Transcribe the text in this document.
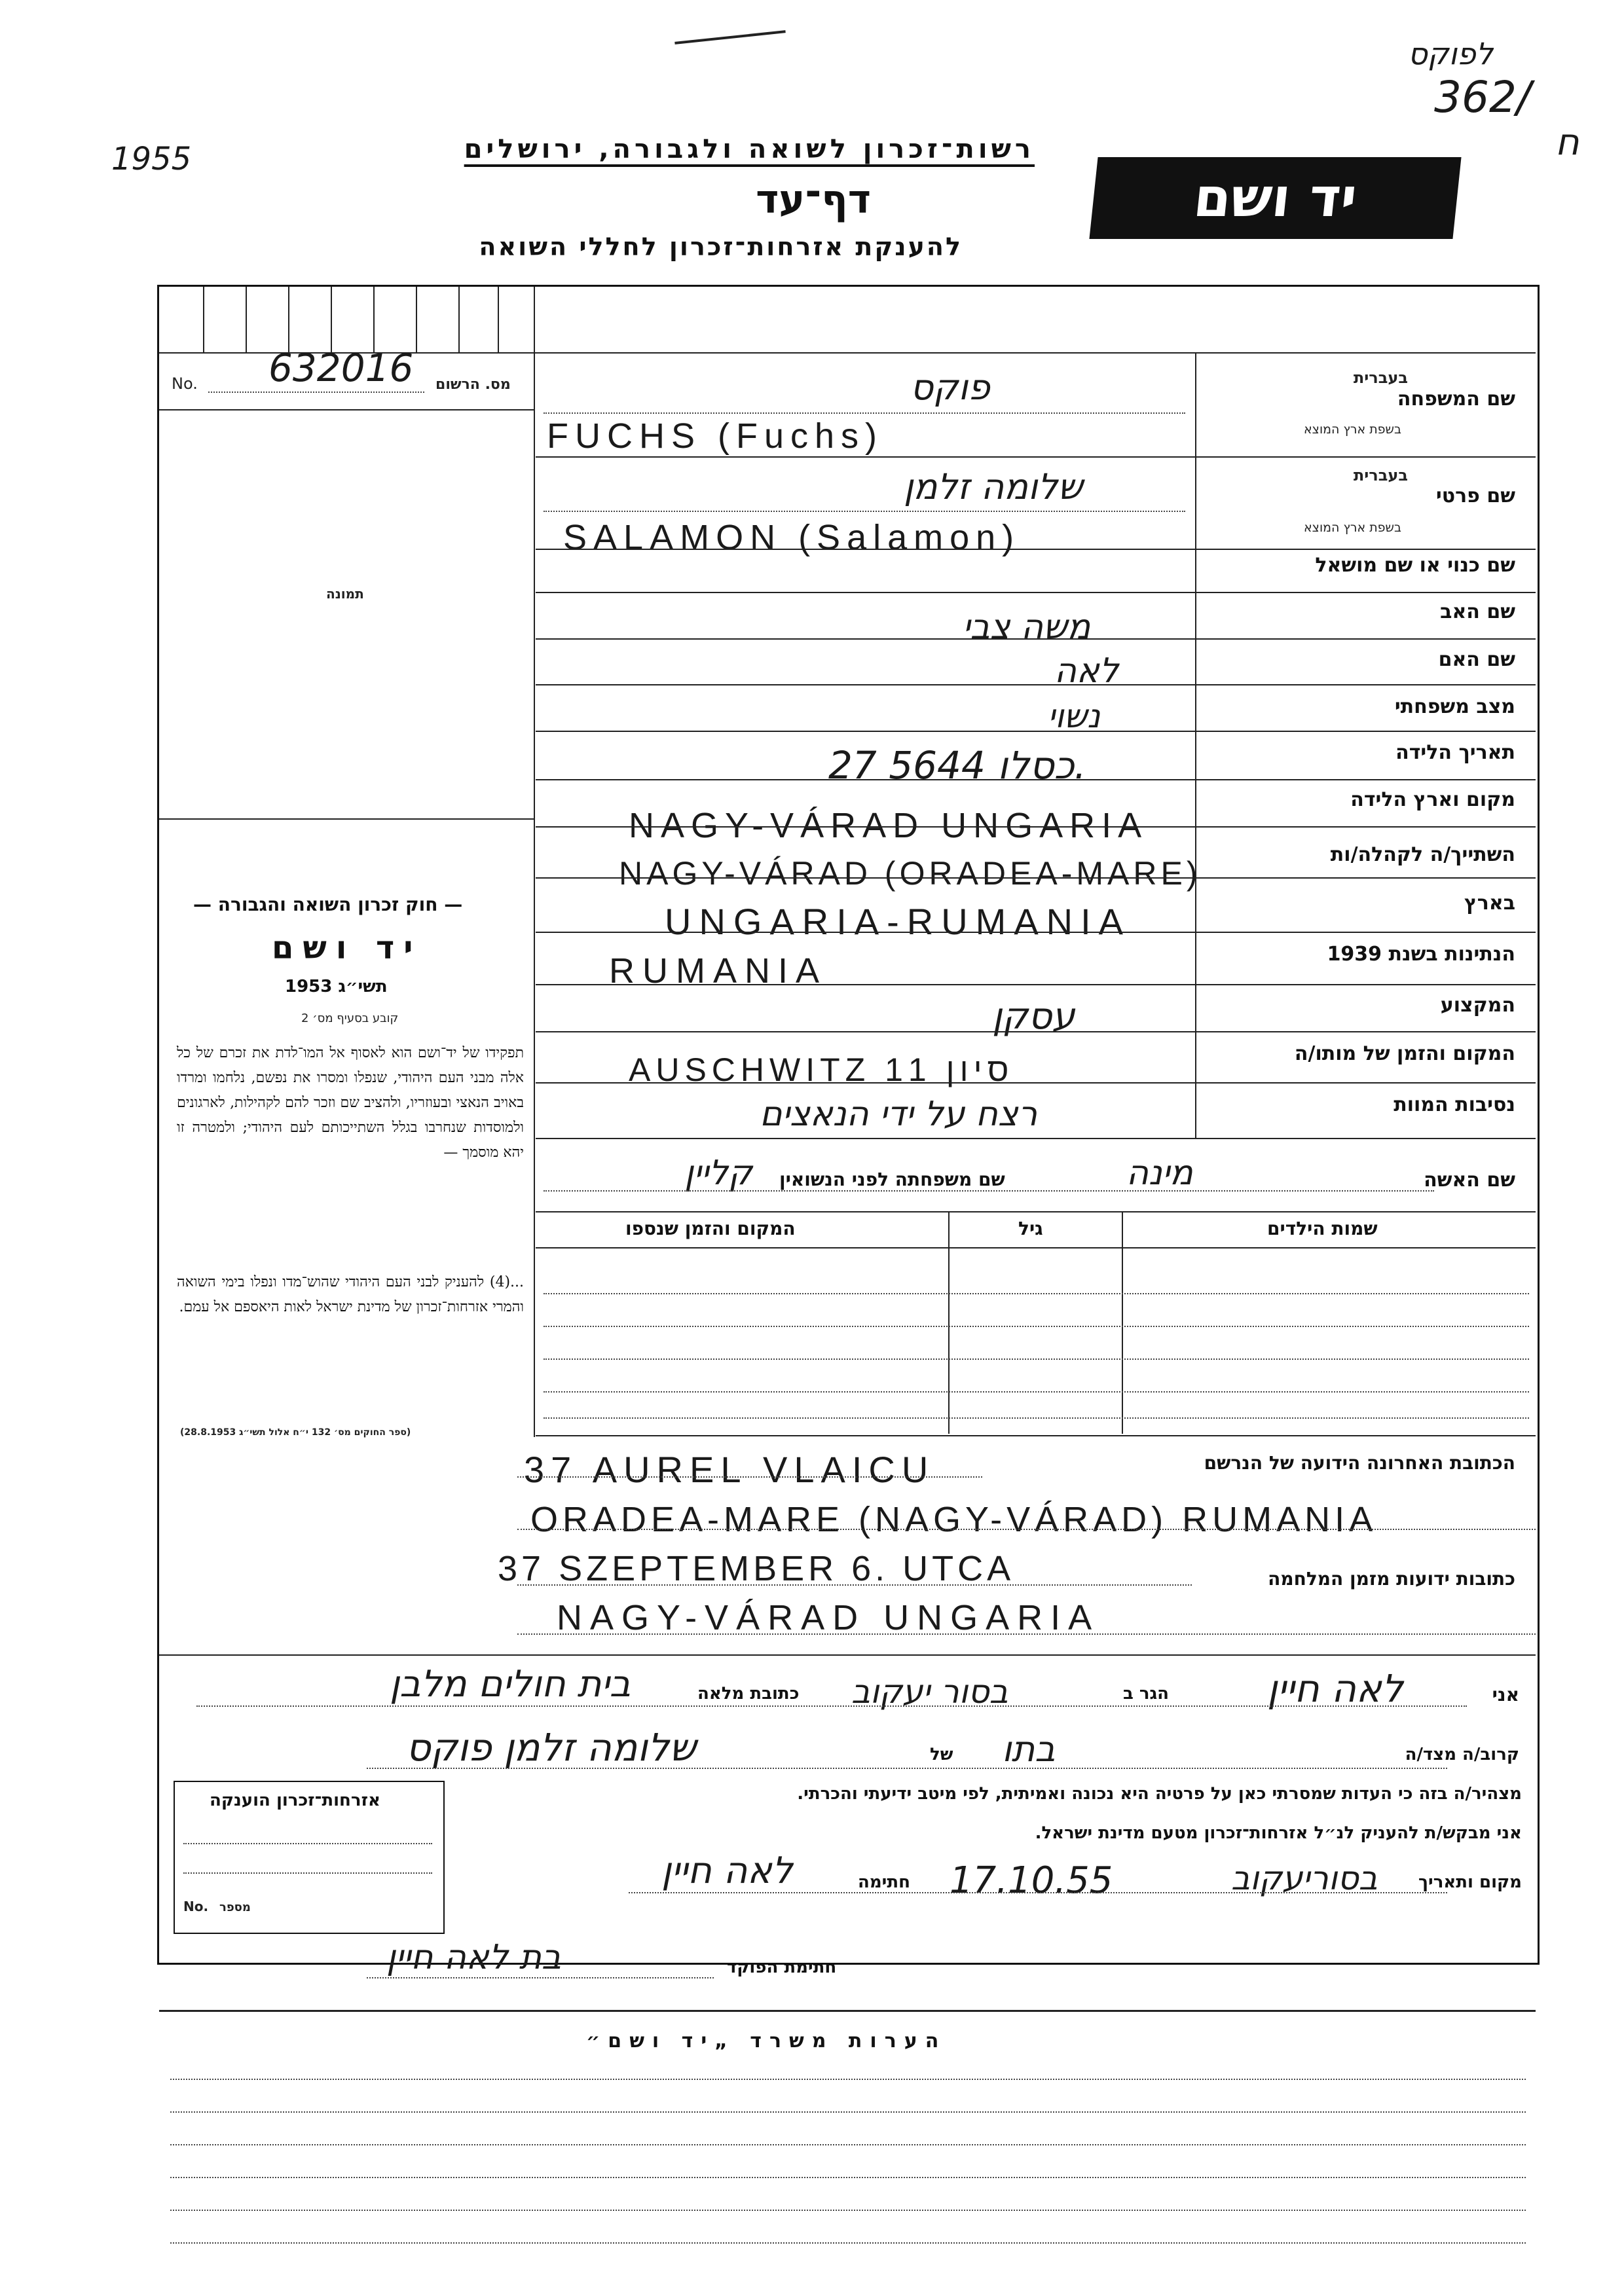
1955	רשות־זכרון לשואה ולגבורה, ירושלים
דף־עד
להענקת אזרחות־זכרון לחללי השואה
יד ושם
לפוקס
362/
ח
No. 632016 מס. הרשום
תמונה
— חוק זכרון השואה והגבורה —
יד ושם
תשי״ג 1953
קובע בסעיף מס׳ 2
תפקידו של יד־ושם הוא לאסוף אל המו־לדת את זכרם של כל אלה מבני העם היהודי, שנפלו ומסרו את נפשם, נלחמו ומרדו באויב הנאצי ובעוזריו, ולהציב שם וזכר להם לקהילות, לארגונים ולמוסדות שנחרבו בגלל השתייכותם לעם היהודי; ולמטרה זו יהא מוסמך —
...(4) להעניק לבני העם היהודי שהוש־מדו ונפלו בימי השואה והמרי אזרחות־זכרון של מדינת ישראל לאות היאספם אל עמם.
(ספר החוקים מס׳ 132 י״ח אלול תשי״ג 28.8.1953)
שם המשפחה
בעברית
בשפת ארץ המוצא
פוקס
FUCHS (Fuchs)
שם פרטי
בעברית
בשפת ארץ המוצא
שלומה זלמן
SALAMON (Salamon)
שם כנוי או שם מושאל
שם האב
משה צבי
שם האם
לאה
מצב משפחתי
נשוי
תאריך הלידה
כסלו 5644 27.
מקום וארץ הלידה
NAGY-VÁRAD UNGARIA
השתייך/ה לקהלה/ות
NAGY-VÁRAD (ORADEA-MARE)
בארץ
UNGARIA-RUMANIA
הנתינות בשנת 1939
RUMANIA
המקצוע
עסקן
המקום והזמן של מותו/ה
AUSCHWITZ סיון 11
נסיבות המוות
רצח על ידי הנאצים
שם האשה
מינה
שם משפחתה לפני הנשואין
קליין
שמות הילדים
גיל
המקום והזמן שנספו
הכתובת האחרונה הידועה של הנרשם
37 AUREL VLAICU
ORADEA-MARE (NAGY-VÁRAD) RUMANIA
כתובות ידועות מזמן המלחמה
37 SZEPTEMBER 6. UTCA
NAGY-VÁRAD UNGARIA
אני
לאה חיין
הגר ב
בסור יעקוב
כתובת מלאה
בית חולים מלבן
קרוב/ה מצד/ה
בתו
של
שלומה זלמן פוקס
מצהיר/ה בזה כי העדות שמסרתי כאן על פרטיה היא נכונה ואמיתית, לפי מיטב ידיעתי והכרתי.
אני מבקש/ת להעניק לנ״ל אזרחות־זכרון מטעם מדינת ישראל.
מקום ותאריך
בסוריעקוב
17.10.55
חתימה
לאה חיין
חתימת הפוקד
בת לאה חיין
אזרחות־זכרון הוענקה
No. מספר
הערות משרד „יד ושם״
